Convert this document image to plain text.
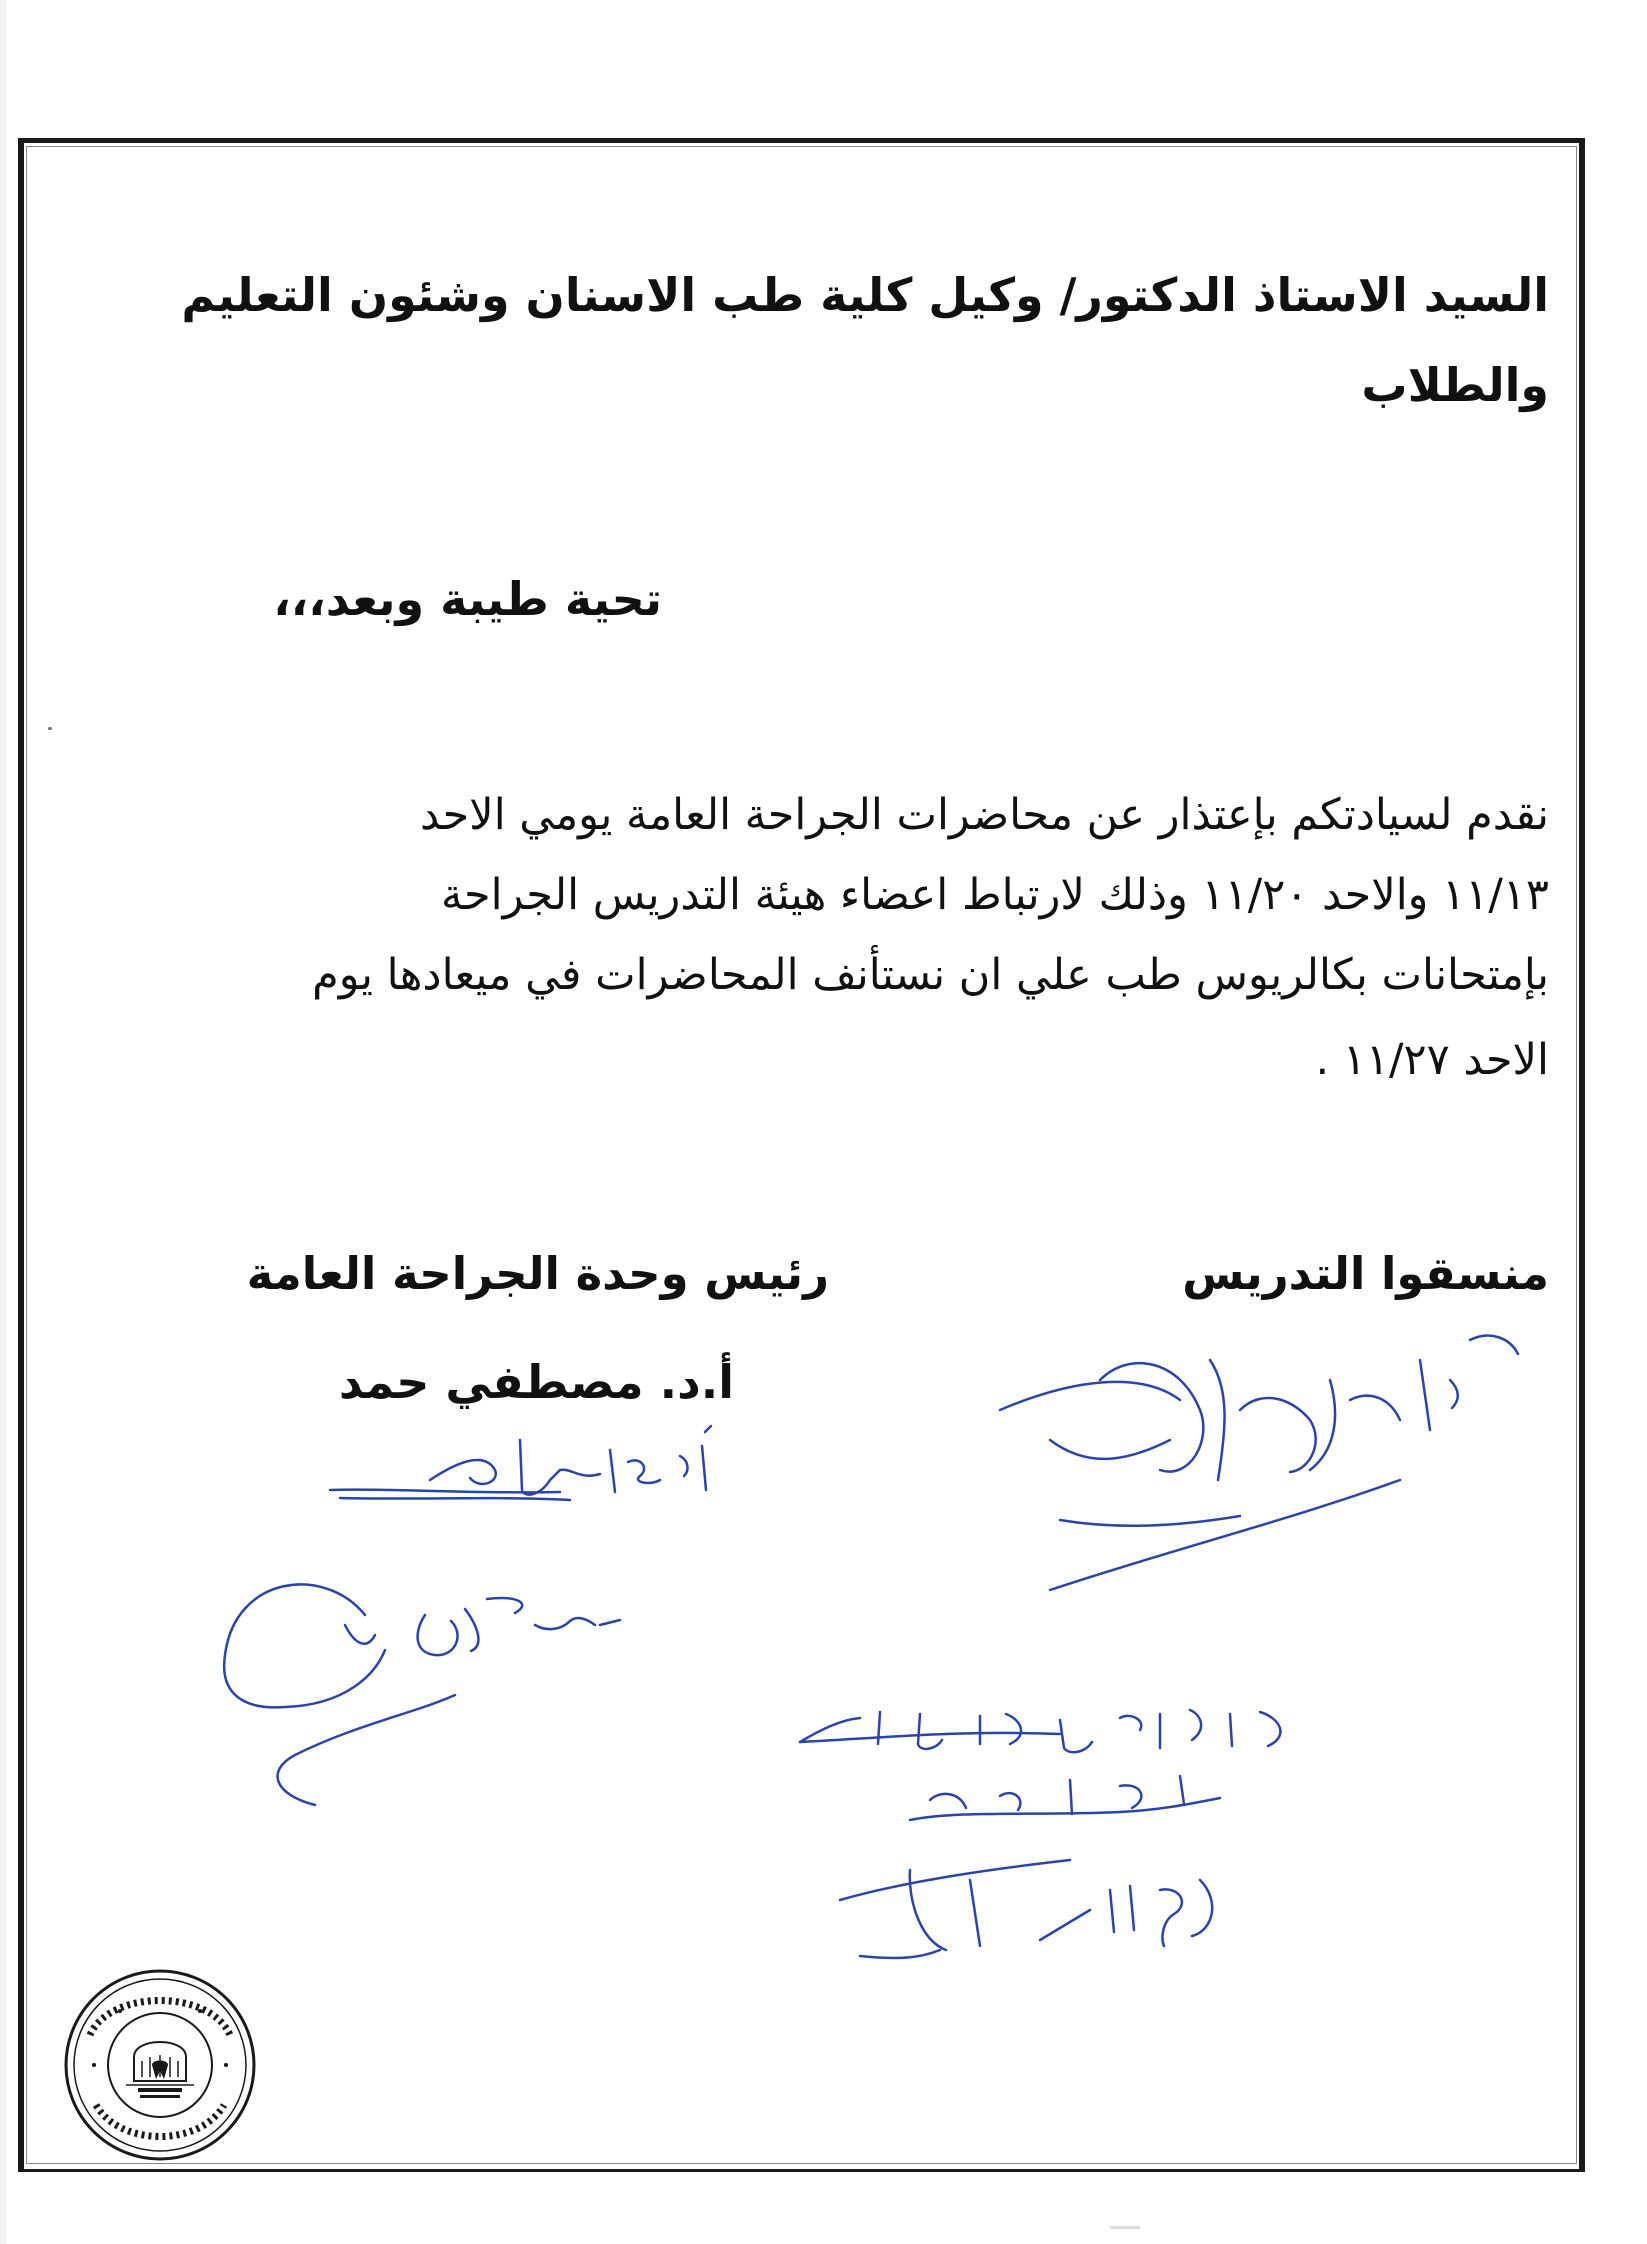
السيد الاستاذ الدكتور/ وكيل كلية طب الاسنان وشئون التعليم
والطلاب
تحية طيبة وبعد،،،
نقدم لسيادتكم بإعتذار عن محاضرات الجراحة العامة يومي الاحد
١١/١٣ والاحد ١١/٢٠ وذلك لارتباط اعضاء هيئة التدريس الجراحة
بإمتحانات بكالريوس طب علي ان نستأنف المحاضرات في ميعادها يوم
الاحد ١١/٢٧ .
رئيس وحدة الجراحة العامة	منسقوا التدريس
أ.د. مصطفي حمد
